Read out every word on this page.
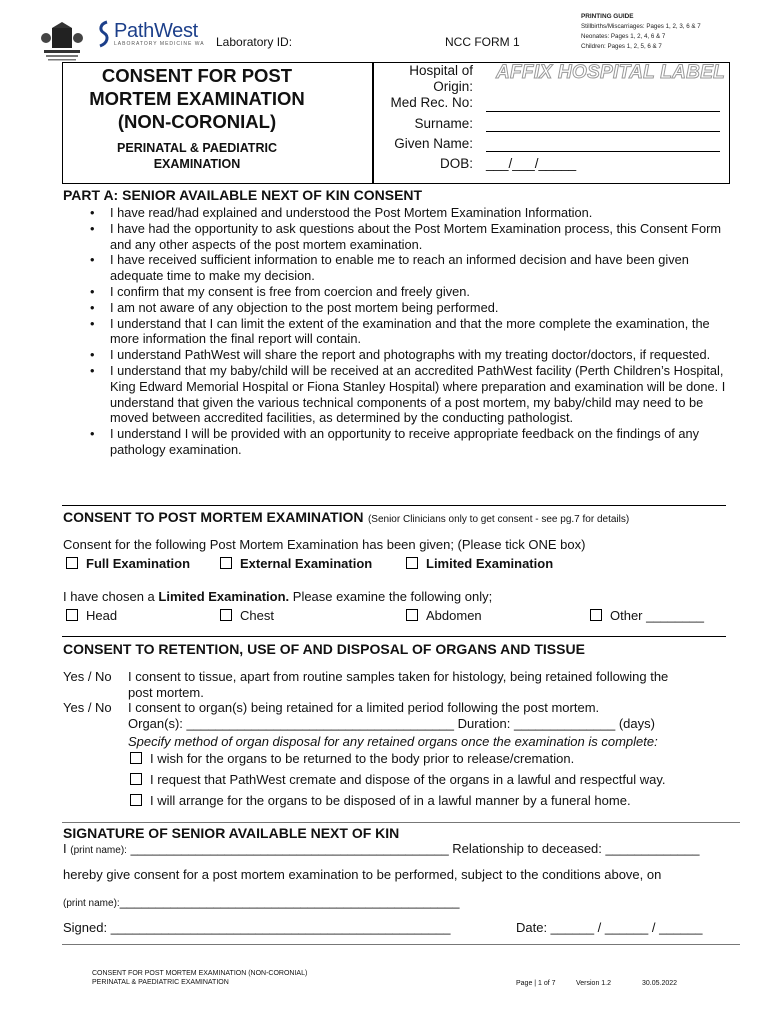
PathWest
LABORATORY MEDICINE WA Laboratory ID:	NCC FORM 1
PRINTING GUIDE
Stillbirths/Miscarriages: Pages 1, 2, 3, 6 & 7
Neonates: Pages 1, 2, 4, 6 & 7
Children: Pages 1, 2, 5, 6 & 7
CONSENT FOR POST
MORTEM EXAMINATION
(NON-CORONIAL)
PERINATAL & PAEDIATRIC
EXAMINATION
AFFIX HOSPITAL LABEL
Hospital of
Origin:
Med Rec. No:
Surname:
Given Name:
DOB: ___/___/_____
PART A: SENIOR AVAILABLE NEXT OF KIN CONSENT
•	I have read/had explained and understood the Post Mortem Examination Information.
•	I have had the opportunity to ask questions about the Post Mortem Examination process, this Consent Form and any other aspects of the post mortem examination.
•	I have received sufficient information to enable me to reach an informed decision and have been given adequate time to make my decision.
•	I confirm that my consent is free from coercion and freely given.
•	I am not aware of any objection to the post mortem being performed.
•	I understand that I can limit the extent of the examination and that the more complete the examination, the more information the final report will contain.
•	I understand PathWest will share the report and photographs with my treating doctor/doctors, if requested.
•	I understand that my baby/child will be received at an accredited PathWest facility (Perth Children’s Hospital, King Edward Memorial Hospital or Fiona Stanley Hospital) where preparation and examination will be done. I understand that given the various technical components of a post mortem, my baby/child may need to be moved between accredited facilities, as determined by the conducting pathologist.
•	I understand I will be provided with an opportunity to receive appropriate feedback on the findings of any pathology examination.
CONSENT TO POST MORTEM EXAMINATION (Senior Clinicians only to get consent - see pg.7 for details)
Consent for the following Post Mortem Examination has been given; (Please tick ONE box)
Full Examination	External Examination	Limited Examination
I have chosen a Limited Examination. Please examine the following only;
Head	Chest	Abdomen	Other ________
CONSENT TO RETENTION, USE OF AND DISPOSAL OF ORGANS AND TISSUE
Yes / No I consent to tissue, apart from routine samples taken for histology, being retained following the
post mortem.
Yes / No I consent to organ(s) being retained for a limited period following the post mortem.
Organ(s): _____________________________________ Duration: ______________ (days)
Specify method of organ disposal for any retained organs once the examination is complete:
I wish for the organs to be returned to the body prior to release/cremation.
I request that PathWest cremate and dispose of the organs in a lawful and respectful way.
I will arrange for the organs to be disposed of in a lawful manner by a funeral home.
SIGNATURE OF SENIOR AVAILABLE NEXT OF KIN
I (print name): ____________________________________________ Relationship to deceased: _____________
hereby give consent for a post mortem examination to be performed, subject to the conditions above, on
(print name):_______________________________________________
Signed: _______________________________________________	Date: ______ / ______ / ______
CONSENT FOR POST MORTEM EXAMINATION (NON-CORONIAL)
PERINATAL & PAEDIATRIC EXAMINATION	Page | 1 of 7	Version 1.2	30.05.2022
